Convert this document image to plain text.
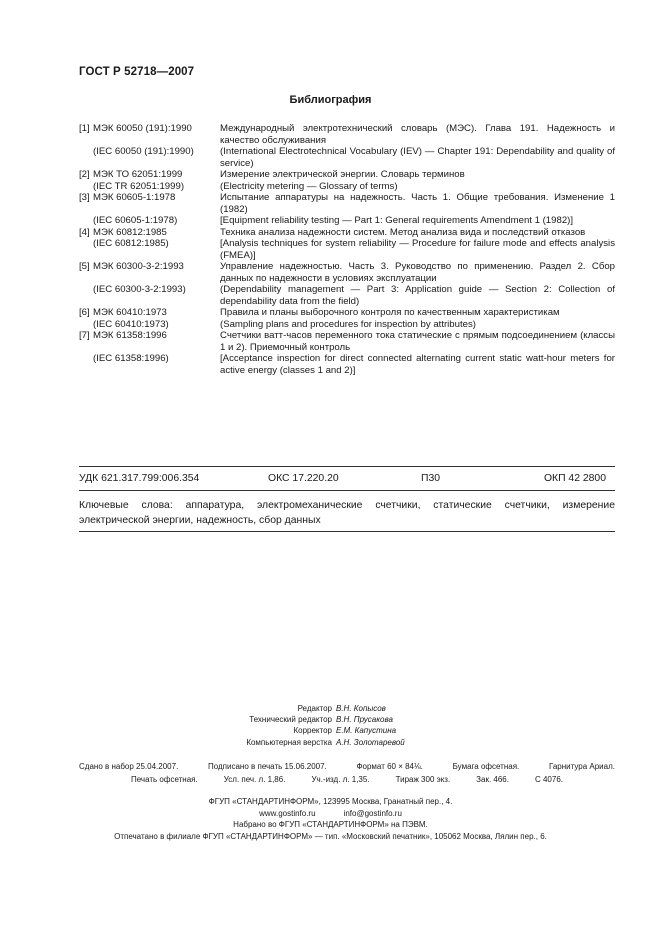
ГОСТ Р 52718—2007
Библиография
[1] МЭК 60050 (191):1990	Международный электротехнический словарь (МЭС). Глава 191. Надежность и качество обслуживания
(IEC 60050 (191):1990)	(International Electrotechnical Vocabulary (IEV) — Chapter 191: Dependability and quality of service)
[2] МЭК ТО 62051:1999	Измерение электрической энергии. Словарь терминов
(IEC TR 62051:1999)	(Electricity metering — Glossary of terms)
[3] МЭК 60605-1:1978	Испытание аппаратуры на надежность. Часть 1. Общие требования. Изменение 1 (1982)
(IEC 60605-1:1978)	[Equipment reliability testing — Part 1: General requirements Amendment 1 (1982)]
[4] МЭК 60812:1985	Техника анализа надежности систем. Метод анализа вида и последствий отказов
(IEC 60812:1985)	[Analysis techniques for system reliability — Procedure for failure mode and effects analysis (FMEA)]
[5] МЭК 60300-3-2:1993	Управление надежностью. Часть 3. Руководство по применению. Раздел 2. Сбор данных по надежности в условиях эксплуатации
(IEC 60300-3-2:1993)	(Dependability management — Part 3: Application guide — Section 2: Collection of dependability data from the field)
[6] МЭК 60410:1973	Правила и планы выборочного контроля по качественным характеристикам
(IEC 60410:1973)	(Sampling plans and procedures for inspection by attributes)
[7] МЭК 61358:1996	Счетчики ватт-часов переменного тока статические с прямым подсоединением (классы 1 и 2). Приемочный контроль
(IEC 61358:1996)	[Acceptance inspection for direct connected alternating current static watt-hour meters for active energy (classes 1 and 2)]
УДК 621.317.799:006.354	ОКС 17.220.20	П30	ОКП 42 2800
Ключевые слова: аппаратура, электромеханические счетчики, статические счетчики, измерение электрической энергии, надежность, сбор данных
Редактор В.Н. Копысов
Технический редактор В.Н. Прусакова
Корректор Е.М. Капустина
Компьютерная верстка А.Н. Золотаревой
Сдано в набор 25.04.2007.	Подписано в печать 15.06.2007.	Формат 60 × 84⅛.	Бумага офсетная.	Гарнитура Ариал.
Печать офсетная.	Усл. печ. л. 1,86.	Уч.-изд. л. 1,35.	Тираж 300 экз.	Зак. 466.	С 4076.
ФГУП «СТАНДАРТИНФОРМ», 123995 Москва, Гранатный пер., 4.
www.gostinfo.ru	info@gostinfo.ru
Набрано во ФГУП «СТАНДАРТИНФОРМ» на ПЭВМ.
Отпечатано в филиале ФГУП «СТАНДАРТИНФОРМ» — тип. «Московский печатник», 105062 Москва, Лялин пер., 6.
